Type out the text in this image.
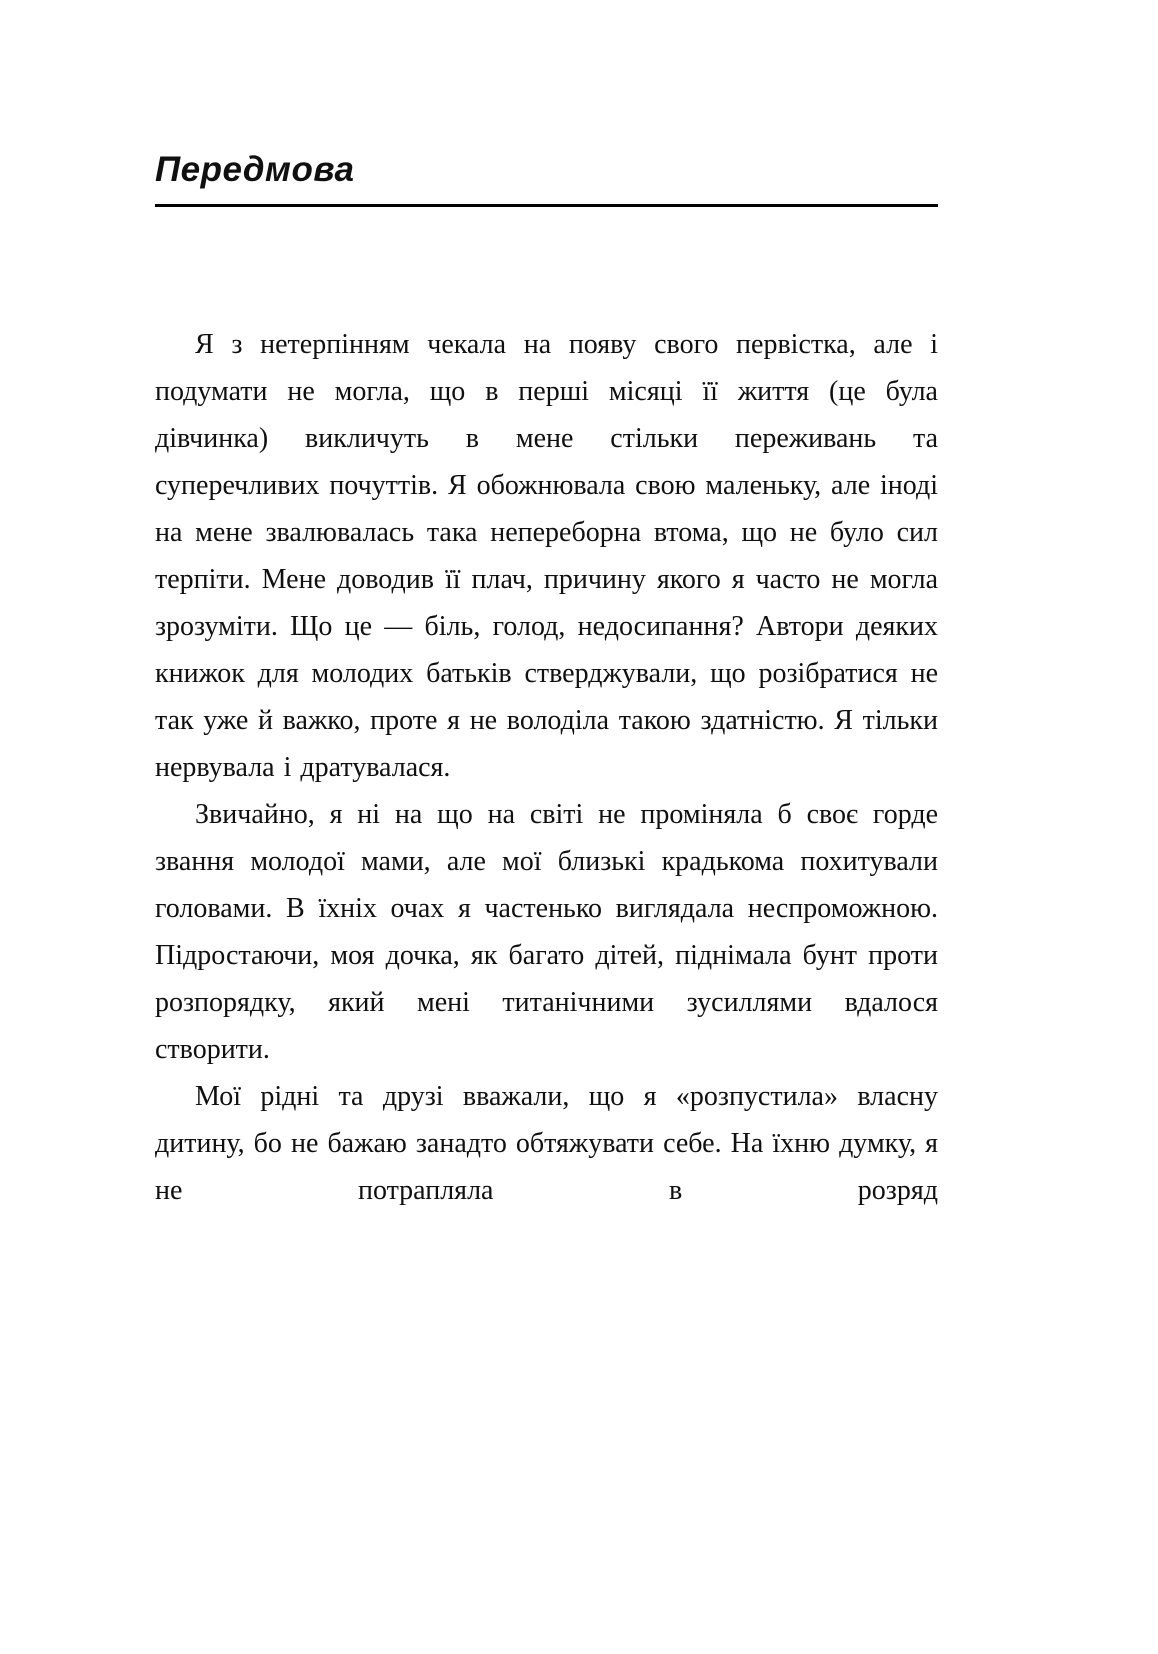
Передмова

Я з нетерпінням чекала на появу свого первістка, але і подумати не могла, що в перші місяці її життя (це була дівчинка) викличуть в мене стільки переживань та суперечливих почуттів. Я обожнювала свою маленьку, але іноді на мене звалювалась така непереборна втома, що не було сил терпіти. Мене доводив її плач, причину якого я часто не могла зрозуміти. Що це — біль, голод, недосипання? Автори деяких книжок для молодих батьків стверджували, що розібратися не так уже й важко, проте я не володіла такою здатністю. Я тільки нервувала і дратувалася.

Звичайно, я ні на що на світі не проміняла б своє горде звання молодої мами, але мої близькі крадькома похитували головами. В їхніх очах я частенько виглядала неспроможною. Підростаючи, моя дочка, як багато дітей, піднімала бунт проти розпорядку, який мені титанічними зусиллями вдалося створити.

Мої рідні та друзі вважали, що я «розпустила» власну дитину, бо не бажаю занадто обтяжувати себе. На їхню думку, я не потрапляла в розряд
